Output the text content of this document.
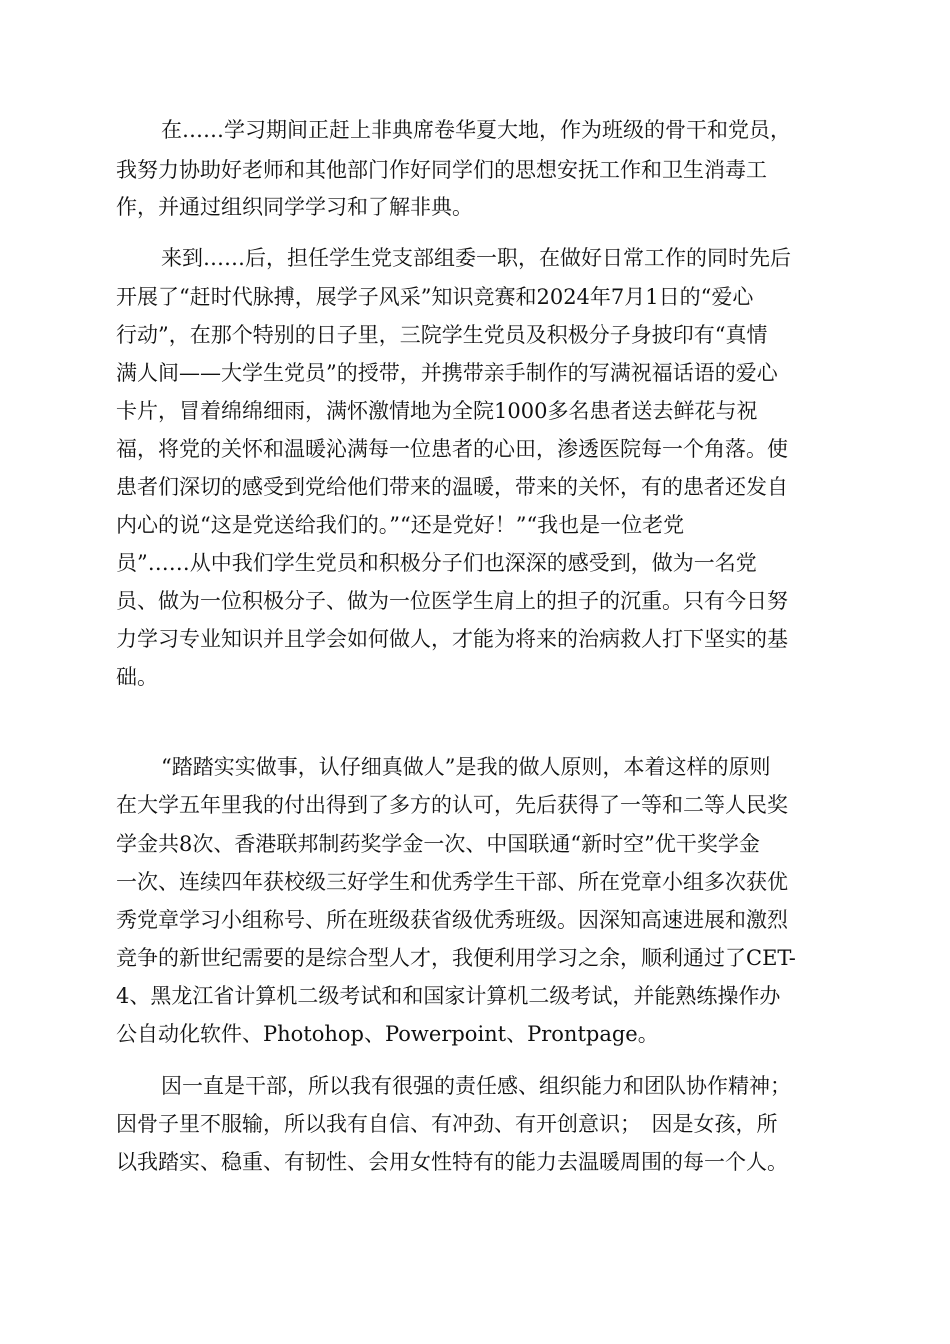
在……学习期间正赶上非典席卷华夏大地，作为班级的骨干和党员，

我努力协助好老师和其他部门作好同学们的思想安抚工作和卫生消毒工

作，并通过组织同学学习和了解非典。

来到……后，担任学生党支部组委一职，在做好日常工作的同时先后

开展了“赶时代脉搏，展学子风采”知识竞赛和2024年7月1日的“爱心

行动”，在那个特别的日子里，三院学生党员及积极分子身披印有“真情

满人间——大学生党员”的授带，并携带亲手制作的写满祝福话语的爱心

卡片，冒着绵绵细雨，满怀激情地为全院1000多名患者送去鲜花与祝

福，将党的关怀和温暖沁满每一位患者的心田，渗透医院每一个角落。使

患者们深切的感受到党给他们带来的温暖，带来的关怀，有的患者还发自

内心的说“这是党送给我们的。”“还是党好！”“我也是一位老党

员”……从中我们学生党员和积极分子们也深深的感受到，做为一名党

员、做为一位积极分子、做为一位医学生肩上的担子的沉重。只有今日努

力学习专业知识并且学会如何做人，才能为将来的治病救人打下坚实的基

础。

“踏踏实实做事，认仔细真做人”是我的做人原则，本着这样的原则

在大学五年里我的付出得到了多方的认可，先后获得了一等和二等人民奖

学金共8次、香港联邦制药奖学金一次、中国联通“新时空”优干奖学金

一次、连续四年获校级三好学生和优秀学生干部、所在党章小组多次获优

秀党章学习小组称号、所在班级获省级优秀班级。因深知高速进展和激烈

竞争的新世纪需要的是综合型人才，我便利用学习之余，顺利通过了CET-

4、黑龙江省计算机二级考试和和国家计算机二级考试，并能熟练操作办

公自动化软件、Photohop、Powerpoint、Prontpage。

因一直是干部，所以我有很强的责任感、组织能力和团队协作精神；

因骨子里不服输，所以我有自信、有冲劲、有开创意识；　因是女孩，所

以我踏实、稳重、有韧性、会用女性特有的能力去温暖周围的每一个人。
